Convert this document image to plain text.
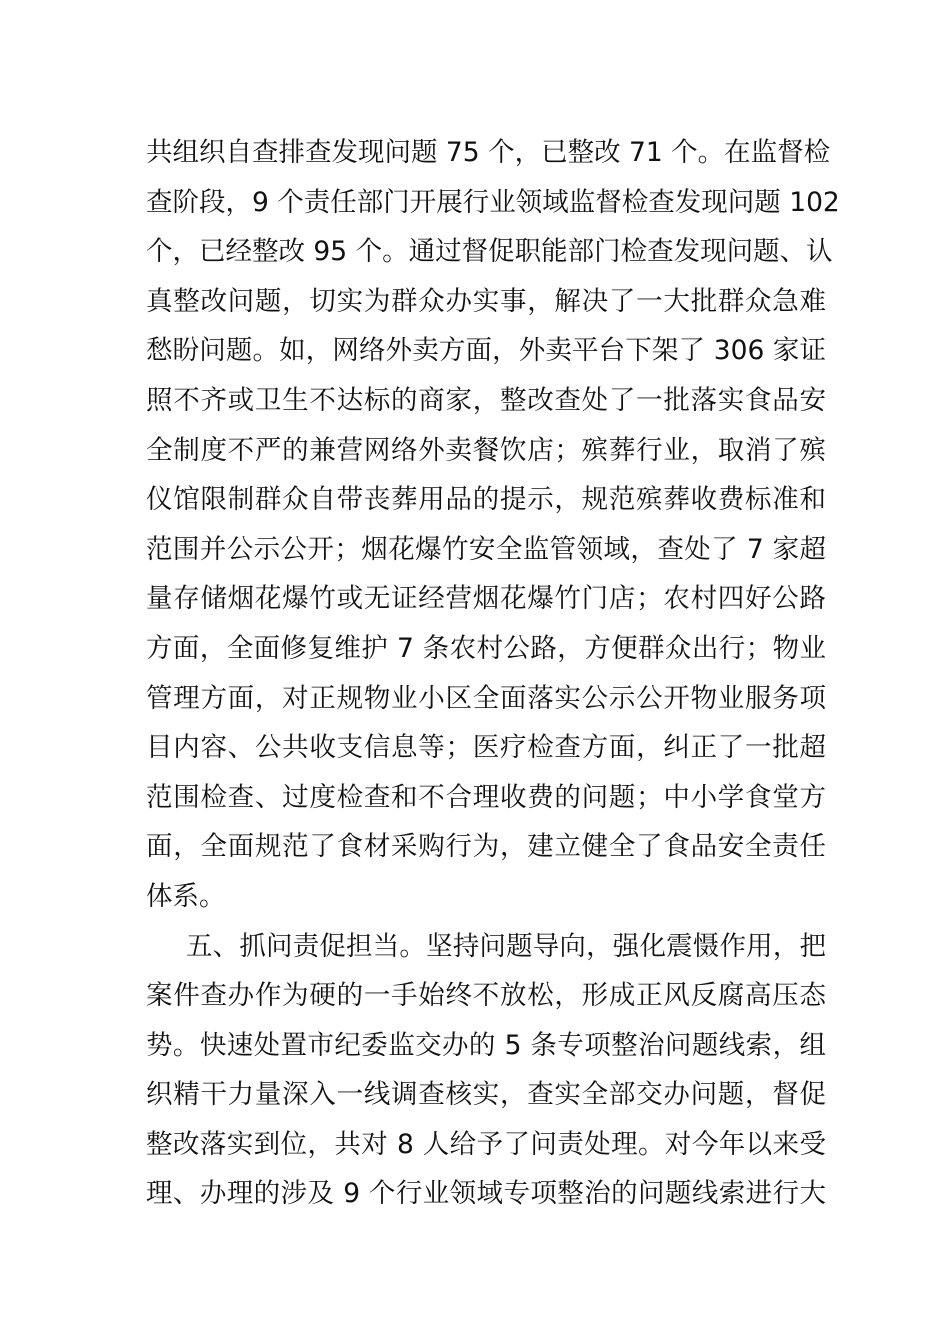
共组织自查排查发现问题 75 个，已整改 71 个。在监督检
查阶段，9 个责任部门开展行业领域监督检查发现问题 102
个，已经整改 95 个。通过督促职能部门检查发现问题、认
真整改问题，切实为群众办实事，解决了一大批群众急难
愁盼问题。如，网络外卖方面，外卖平台下架了 306 家证
照不齐或卫生不达标的商家，整改查处了一批落实食品安
全制度不严的兼营网络外卖餐饮店；殡葬行业，取消了殡
仪馆限制群众自带丧葬用品的提示，规范殡葬收费标准和
范围并公示公开；烟花爆竹安全监管领域，查处了 7 家超
量存储烟花爆竹或无证经营烟花爆竹门店；农村四好公路
方面，全面修复维护 7 条农村公路，方便群众出行；物业
管理方面，对正规物业小区全面落实公示公开物业服务项
目内容、公共收支信息等；医疗检查方面，纠正了一批超
范围检查、过度检查和不合理收费的问题；中小学食堂方
面，全面规范了食材采购行为，建立健全了食品安全责任
体系。
五、抓问责促担当。坚持问题导向，强化震慑作用，把
案件查办作为硬的一手始终不放松，形成正风反腐高压态
势。快速处置市纪委监交办的 5 条专项整治问题线索，组
织精干力量深入一线调查核实，查实全部交办问题，督促
整改落实到位，共对 8 人给予了问责处理。对今年以来受
理、办理的涉及 9 个行业领域专项整治的问题线索进行大
